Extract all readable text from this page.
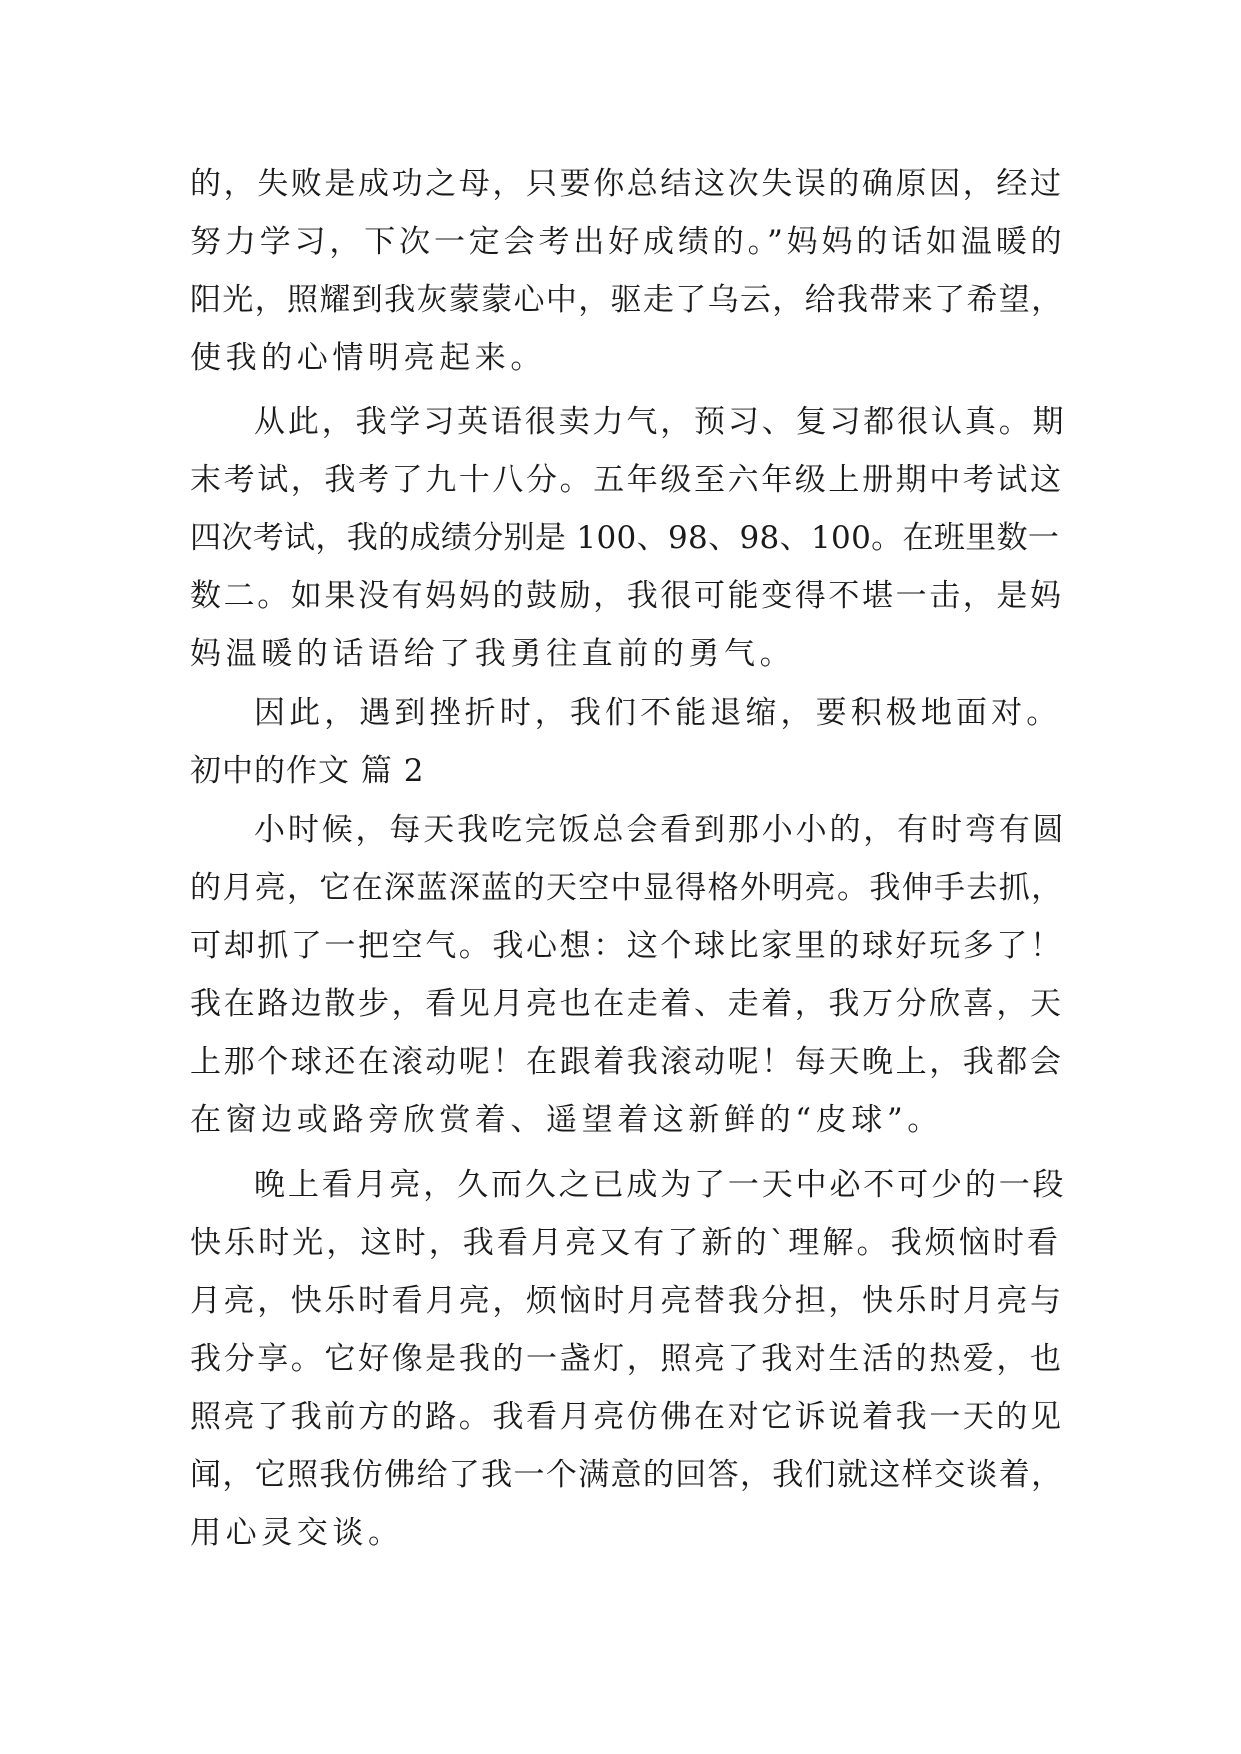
的，失败是成功之母，只要你总结这次失误的确原因，经过
努力学习，下次一定会考出好成绩的。”妈妈的话如温暖的
阳光，照耀到我灰蒙蒙心中，驱走了乌云，给我带来了希望，
使我的心情明亮起来。
从此，我学习英语很卖力气，预习、复习都很认真。期
末考试，我考了九十八分。五年级至六年级上册期中考试这
四次考试，我的成绩分别是 100、98、98、100。在班里数一
数二。如果没有妈妈的鼓励，我很可能变得不堪一击，是妈
妈温暖的话语给了我勇往直前的勇气。
因此，遇到挫折时，我们不能退缩，要积极地面对。
初中的作文 篇 2
小时候，每天我吃完饭总会看到那小小的，有时弯有圆
的月亮，它在深蓝深蓝的天空中显得格外明亮。我伸手去抓，
可却抓了一把空气。我心想：这个球比家里的球好玩多了！
我在路边散步，看见月亮也在走着、走着，我万分欣喜，天
上那个球还在滚动呢！在跟着我滚动呢！每天晚上，我都会
在窗边或路旁欣赏着、遥望着这新鲜的“皮球”。
晚上看月亮，久而久之已成为了一天中必不可少的一段
快乐时光，这时，我看月亮又有了新的`理解。我烦恼时看
月亮，快乐时看月亮，烦恼时月亮替我分担，快乐时月亮与
我分享。它好像是我的一盏灯，照亮了我对生活的热爱，也
照亮了我前方的路。我看月亮仿佛在对它诉说着我一天的见
闻，它照我仿佛给了我一个满意的回答，我们就这样交谈着，
用心灵交谈。
